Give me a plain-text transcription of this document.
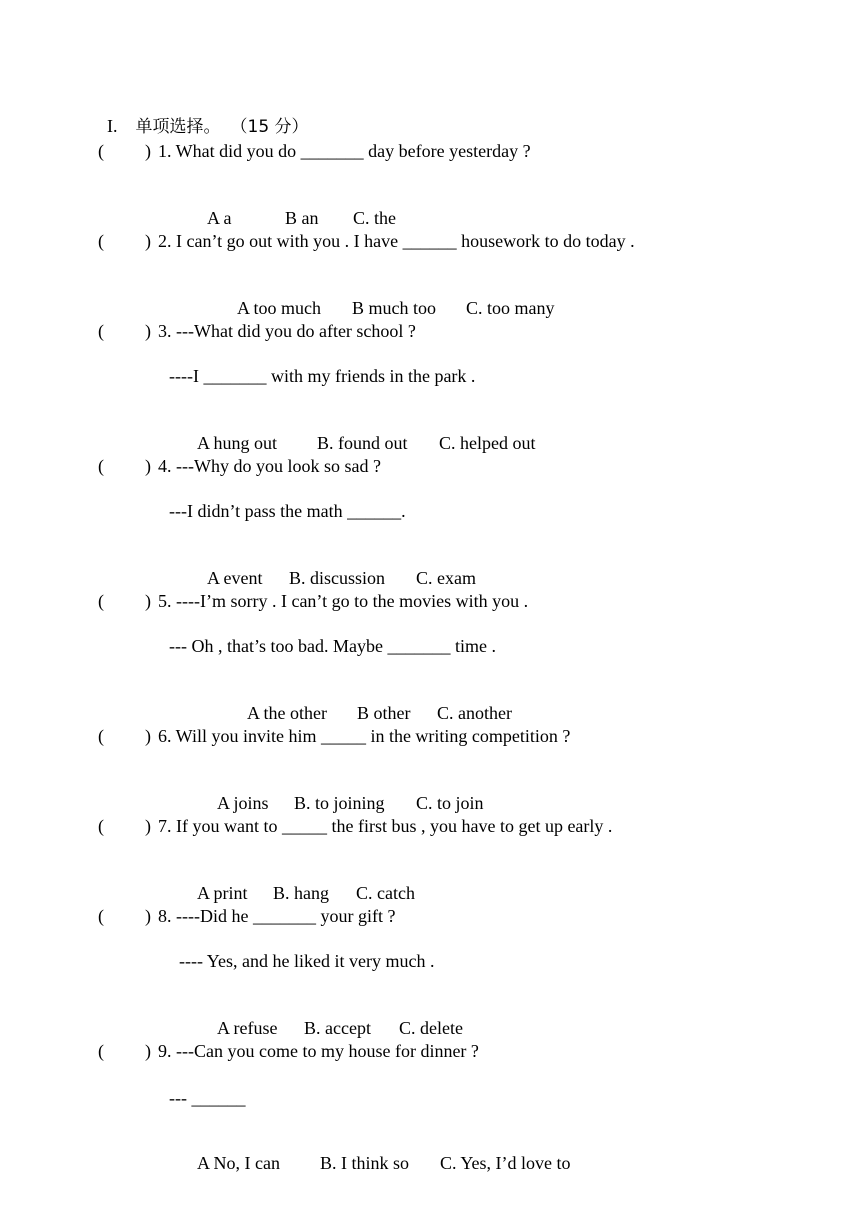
I. 单项选择。 （15 分）

( ) 1. What did you do _______ day before yesterday ?

A a	B an C. the

( ) 2. I can’t go out with you . I have ______ housework to do today .

A too much B much too C. too many

( ) 3. ---What did you do after school ?
----I _______ with my friends in the park .

A hung out B. found out C. helped out

( ) 4. ---Why do you look so sad ?
---I didn’t pass the math ______.

A event B. discussion C. exam

( ) 5. ----I’m sorry . I can’t go to the movies with you .
--- Oh , that’s too bad. Maybe _______ time .

A the other B other C. another

( ) 6. Will you invite him _____ in the writing competition ?

A joins B. to joining C. to join

( ) 7. If you want to _____ the first bus , you have to get up early .

A print B. hang C. catch

( ) 8. ----Did he _______ your gift ?
---- Yes, and he liked it very much .

A refuse B. accept C. delete

( ) 9. ---Can you come to my house for dinner ?
--- ______

A No, I can B. I think so C. Yes, I’d love to
